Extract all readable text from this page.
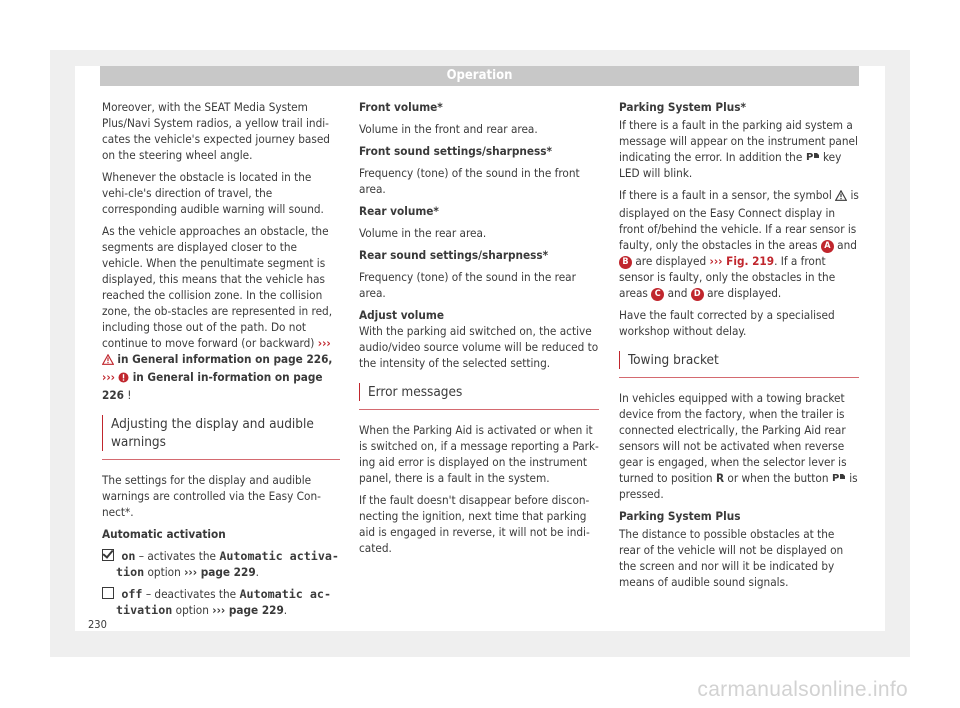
Operation

Moreover, with the SEAT Media System Plus/Navi System radios, a yellow trail indi-cates the vehicle's expected journey based on the steering wheel angle.

Whenever the obstacle is located in the vehi-cle's direction of travel, the corresponding audible warning will sound.

As the vehicle approaches an obstacle, the segments are displayed closer to the vehicle. When the penultimate segment is displayed, this means that the vehicle has reached the collision zone. In the collision zone, the ob-stacles are represented in red, including those out of the path. Do not continue to move forward (or backward) ›››  in General information on page 226, ››› in General in-formation on page 226 !

Adjusting the display and audible warnings

The settings for the display and audible warnings are controlled via the Easy Con-nect*.

Automatic activation

on – activates the Automatic activa-tion option ››› page 229.

off – deactivates the Automatic ac-tivation option ››› page 229.

Front volume*

Volume in the front and rear area.

Front sound settings/sharpness*

Frequency (tone) of the sound in the front area.

Rear volume*

Volume in the rear area.

Rear sound settings/sharpness*

Frequency (tone) of the sound in the rear area.

Adjust volume

With the parking aid switched on, the active audio/video source volume will be reduced to the intensity of the selected setting.

Error messages

When the Parking Aid is activated or when it is switched on, if a message reporting a Park-ing aid error is displayed on the instrument panel, there is a fault in the system.

If the fault doesn't disappear before discon-necting the ignition, next time that parking aid is engaged in reverse, it will not be indi-cated.

Parking System Plus*

If there is a fault in the parking aid system a message will appear on the instrument panel indicating the error. In addition the P key LED will blink.

If there is a fault in a sensor, the symbol is displayed on the Easy Connect display in front of/behind the vehicle. If a rear sensor is faulty, only the obstacles in the areas A and B are displayed ››› Fig. 219. If a front sensor is faulty, only the obstacles in the areas C and D are displayed.

Have the fault corrected by a specialised workshop without delay.

Towing bracket

In vehicles equipped with a towing bracket device from the factory, when the trailer is connected electrically, the Parking Aid rear sensors will not be activated when reverse gear is engaged, when the selector lever is turned to position R or when the button P is pressed.

Parking System Plus

The distance to possible obstacles at the rear of the vehicle will not be displayed on the screen and nor will it be indicated by means of audible sound signals.

230
carmanualsonline.info
